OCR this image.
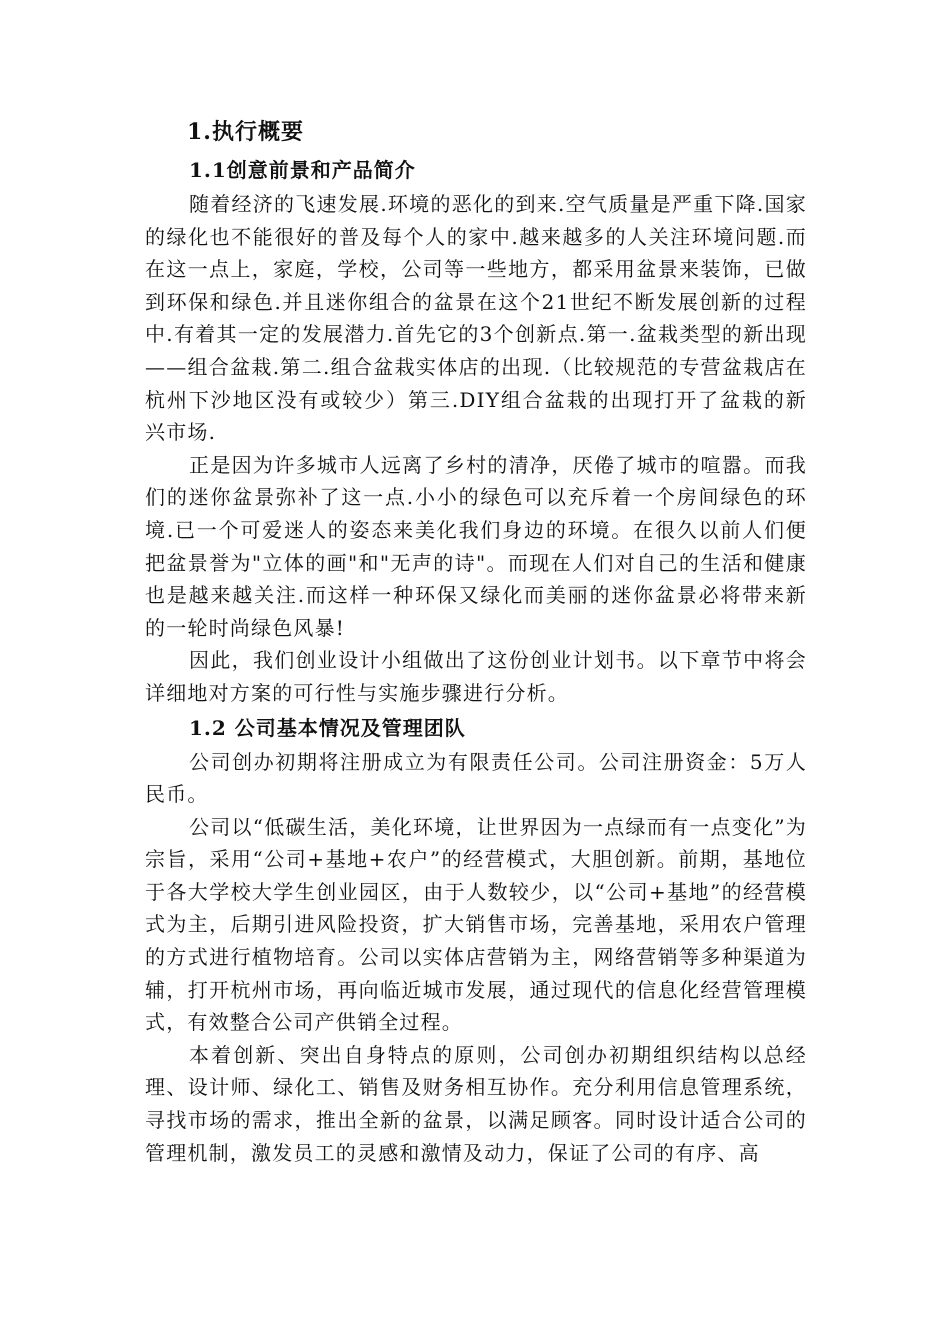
1.执行概要
1.1创意前景和产品简介

随着经济的飞速发展.环境的恶化的到来.空气质量是严重下降.国家的绿化也不能很好的普及每个人的家中.越来越多的人关注环境问题.而在这一点上，家庭，学校，公司等一些地方，都采用盆景来装饰，已做到环保和绿色.并且迷你组合的盆景在这个21世纪不断发展创新的过程中.有着其一定的发展潜力.首先它的3个创新点.第一.盆栽类型的新出现——组合盆栽.第二.组合盆栽实体店的出现.（比较规范的专营盆栽店在杭州下沙地区没有或较少）第三.DIY组合盆栽的出现打开了盆栽的新兴市场.

正是因为许多城市人远离了乡村的清净，厌倦了城市的喧嚣。而我们的迷你盆景弥补了这一点.小小的绿色可以充斥着一个房间绿色的环境.已一个可爱迷人的姿态来美化我们身边的环境。在很久以前人们便把盆景誉为"立体的画"和"无声的诗"。而现在人们对自己的生活和健康也是越来越关注.而这样一种环保又绿化而美丽的迷你盆景必将带来新的一轮时尚绿色风暴!

因此，我们创业设计小组做出了这份创业计划书。以下章节中将会详细地对方案的可行性与实施步骤进行分析。

1.2 公司基本情况及管理团队

公司创办初期将注册成立为有限责任公司。公司注册资金：5万人民币。

公司以“低碳生活，美化环境，让世界因为一点绿而有一点变化”为宗旨，采用“公司+基地+农户”的经营模式，大胆创新。前期，基地位于各大学校大学生创业园区，由于人数较少，以“公司+基地”的经营模式为主，后期引进风险投资，扩大销售市场，完善基地，采用农户管理的方式进行植物培育。公司以实体店营销为主，网络营销等多种渠道为辅，打开杭州市场，再向临近城市发展，通过现代的信息化经营管理模式，有效整合公司产供销全过程。

本着创新、突出自身特点的原则，公司创办初期组织结构以总经理、设计师、绿化工、销售及财务相互协作。充分利用信息管理系统，寻找市场的需求，推出全新的盆景，以满足顾客。同时设计适合公司的管理机制，激发员工的灵感和激情及动力，保证了公司的有序、高
